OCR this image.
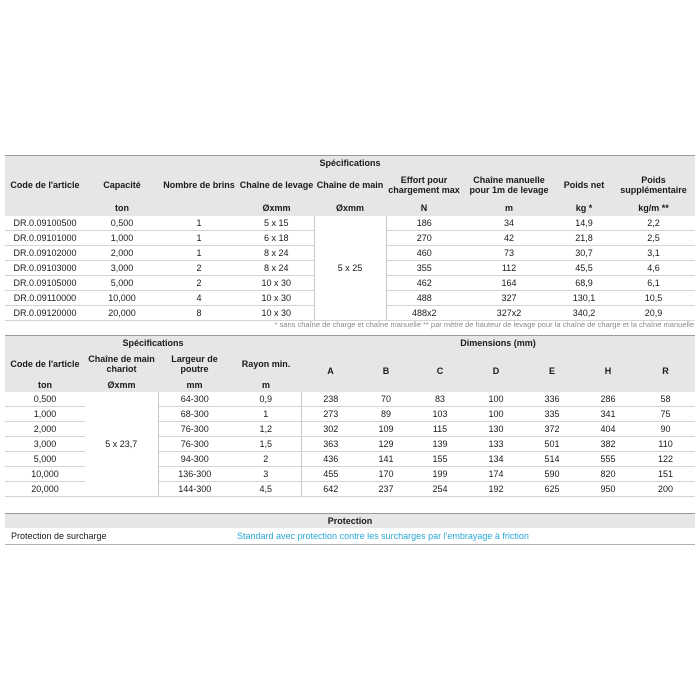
Spécifications								
Code de l'article	Capacité	Nombre de brins	Chaîne de levage	Chaîne de main	Effort pour chargement max	Chaîne manuelle pour 1m de levage	Poids net	Poids supplémentaire
	ton		Øxmm	Øxmm	N	m	kg *	kg/m **
DR.0.09100500	0,500	1	5 x 15	5 x 25	186	34	14,9	2,2
DR.0.09101000	1,000	1	6 x 18		270	42	21,8	2,5
DR.0.09102000	2,000	1	8 x 24		460	73	30,7	3,1
DR.0.09103000	3,000	2	8 x 24		355	112	45,5	4,6
DR.0.09105000	5,000	2	10 x 30		462	164	68,9	6,1
DR.0.09110000	10,000	4	10 x 30		488	327	130,1	10,5
DR.0.09120000	20,000	8	10 x 30		488x2	327x2	340,2	20,9
* sans chaîne de charge et chaîne manuelle ** par mètre de hauteur de levage pour la chaîne de charge et la chaîne manuelle
Spécifications				Dimensions (mm)						
Code de l'article	Chaîne de main chariot	Largeur de poutre	Rayon min.	A	B	C	D	E	H	R
ton	Øxmm	mm	m							
0,500	5 x 23,7	64-300	0,9	238	70	83	100	336	286	58
1,000		68-300	1	273	89	103	100	335	341	75
2,000		76-300	1,2	302	109	115	130	372	404	90
3,000		76-300	1,5	363	129	139	133	501	382	110
5,000		94-300	2	436	141	155	134	514	555	122
10,000		136-300	3	455	170	199	174	590	820	151
20,000		144-300	4,5	642	237	254	192	625	950	200
Protection
Protection de surcharge	Standard avec protection contre les surcharges par l'embrayage à friction
